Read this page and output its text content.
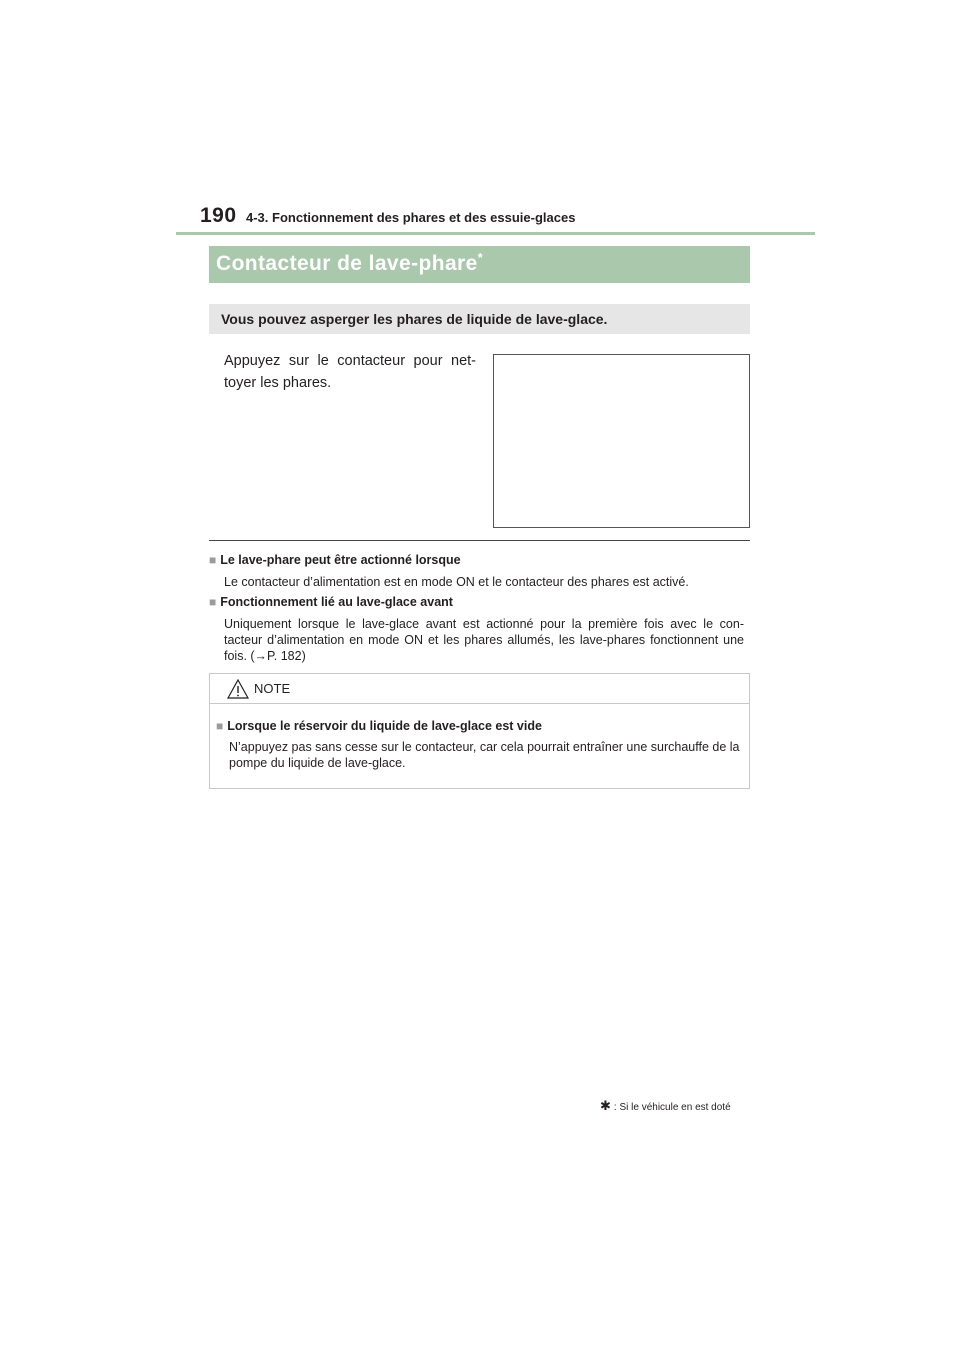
190 4-3. Fonctionnement des phares et des essuie-glaces
Contacteur de lave-phare *
Vous pouvez asperger les phares de liquide de lave-glace.
Appuyez sur le contacteur pour net- toyer les phares.
■ Le lave-phare peut être actionné lorsque
Le contacteur d’alimentation est en mode ON et le contacteur des phares est activé.
■ Fonctionnement lié au lave-glace avant
Uniquement lorsque le lave-glace avant est actionné pour la première fois avec le con- tacteur d’alimentation en mode ON et les phares allumés, les lave-phares fonctionnent une fois. (→P. 182)
NOTE
■ Lorsque le réservoir du liquide de lave-glace est vide
N’appuyez pas sans cesse sur le contacteur, car cela pourrait entraîner une surchauffe de la pompe du liquide de lave-glace.
✱ : Si le véhicule en est doté
